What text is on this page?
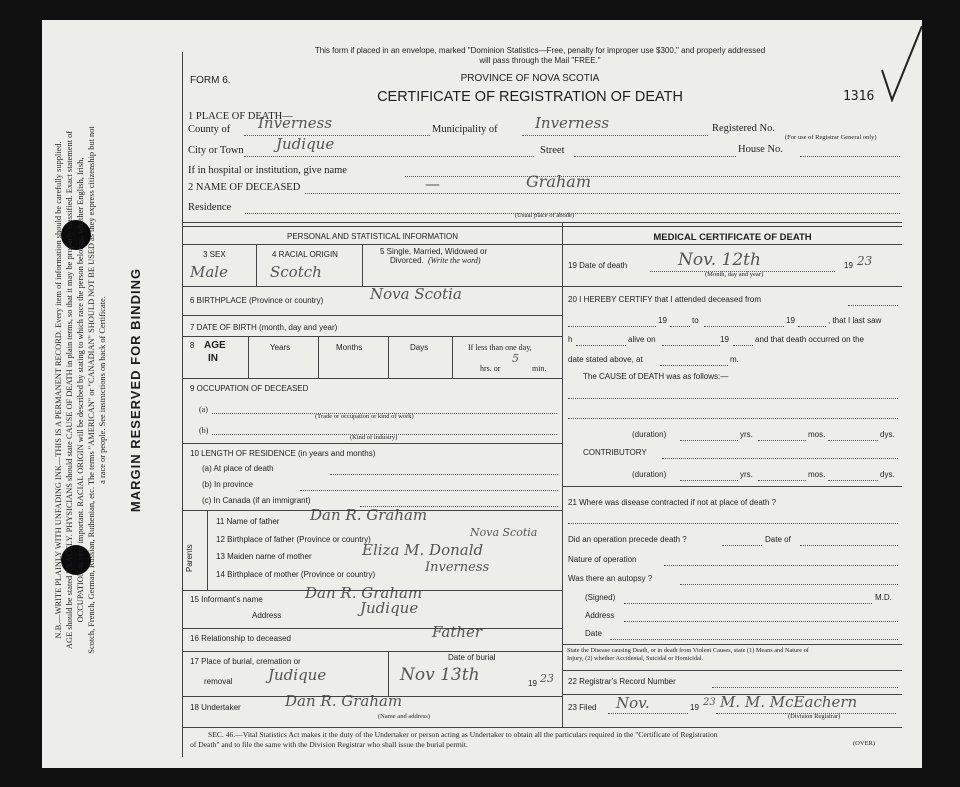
N.B.—WRITE PLAINLY WITH UNFADING INK—THIS IS A PERMANENT RECORD. Every item of information should be carefully supplied. AGE should be stated EXACTLY. PHYSICIANS should state CAUSE OF DEATH in plain terms, so that it may be properly classified. Exact statement of OCCUPATION is very important. RACIAL ORIGIN will be described by stating to which race the person belongs, whether English, Irish, Scotch, French, German, Russian, Ruthenian, etc. The terms "AMERICAN" or "CANADIAN" SHOULD NOT BE USED as they express citizenship but not a race or people. See instructions on back of Certificate. MARGIN RESERVED FOR BINDING
This form if placed in an envelope, marked "Dominion Statistics—Free, penalty for improper use $300," and properly addressed
will pass through the Mail "FREE."
FORM 6.	PROVINCE OF NOVA SCOTIA
CERTIFICATE OF REGISTRATION OF DEATH	1316
1 PLACE OF DEATH—
County of Inverness	Municipality of Inverness	Registered No.
(For use of Registrar General only)
City or Town Judique	Street	House No.
If in hospital or institution, give name
2 NAME OF DECEASED	—	Graham
Residence
(Usual place of abode)
PERSONAL AND STATISTICAL INFORMATION
3 SEX	4 RACIAL ORIGIN	5 Single, Married, Widowed or
Divorced. (Write the word)
Male	Scotch
6 BIRTHPLACE (Province or country)	Nova Scotia
7 DATE OF BIRTH (month, day and year)
8 AGE
IN
Years	Months	Days	If less than one day,
hrs. or
5
min.
9 OCCUPATION OF DECEASED
(a)
(Trade or occupation or kind of work)
(b)
(Kind of industry)
10 LENGTH OF RESIDENCE (in years and months)
(a) At place of death
(b) In province
(c) In Canada (if an immigrant)
Parents
11 Name of father Dan R. Graham
12 Birthplace of father (Province or country)
Nova Scotia
13 Maiden name of mother	Eliza M. Donald
14 Birthplace of mother (Province or country)	Inverness
15 Informant's name	Dan R. Graham
Address	Judique
16 Relationship to deceased	Father
17 Place of burial, cremation or
removal Judique
Date of burial
Nov 13th	19 23
18 Undertaker	Dan R. Graham
(Name and address)
MEDICAL CERTIFICATE OF DEATH
19 Date of death	Nov. 12th	19 23
(Month, day and year)
20 I HEREBY CERTIFY that I attended deceased from
19	to	19	, that I last saw
h	alive on	19	and that death occurred on the
date stated above, at	m.
The CAUSE of DEATH was as follows:—
(duration)	yrs.	mos.	dys.
CONTRIBUTORY
(duration)	yrs.	mos.	dys.
21 Where was disease contracted if not at place of death ?
Did an operation precede death ?	Date of
Nature of operation
Was there an autopsy ?
(Signed)	M.D.
Address
Date
State the Disease causing Death, or in death from Violent Causes, state (1) Means and Nature of
Injury, (2) whether Accidental, Suicidal or Homicidal.
22 Registrar's Record Number
23 Filed Nov.	19 23 M. M. McEachern
(Division Registrar)
SEC. 46.—Vital Statistics Act makes it the duty of the Undertaker or person acting as Undertaker to obtain all the particulars required in the "Certificate of Registration
of Death" and to file the same with the Division Registrar who shall issue the burial permit.	(OVER)
